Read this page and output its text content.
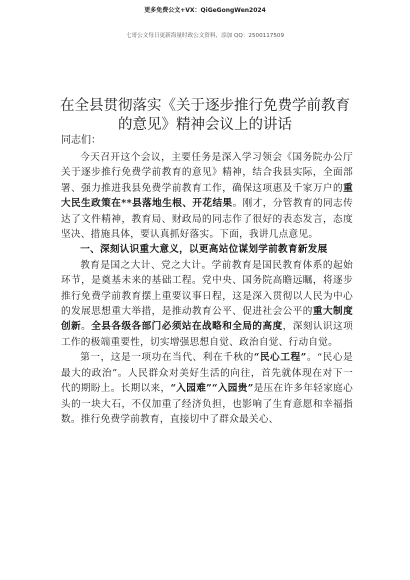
更多免费公文+VX：QiGeGongWen2024
七哥公文每日更新海量时政公文资料，添加 QQ：2500117509
在全县贯彻落实《关于逐步推行免费学前教育
的意见》精神会议上的讲话
同志们：

今天召开这个会议，主要任务是深入学习领会《国务院办公厅关于逐步推行免费学前教育的意见》精神，结合我县实际，全面部署、强力推进我县免费学前教育工作，确保这项惠及千家万户的重大民生政策在**县落地生根、开花结果。刚才，分管教育的同志传达了文件精神，教育局、财政局的同志作了很好的表态发言，态度坚决、措施具体，要认真抓好落实。下面，我讲几点意见。

一、深刻认识重大意义，以更高站位谋划学前教育新发展

教育是国之大计、党之大计。学前教育是国民教育体系的起始环节，是奠基未来的基础工程。党中央、国务院高瞻远瞩，将逐步推行免费学前教育摆上重要议事日程，这是深入贯彻以人民为中心的发展思想重大举措，是推动教育公平、促进社会公平的重大制度创新。全县各级各部门必须站在战略和全局的高度，深刻认识这项工作的极端重要性，切实增强思想自觉、政治自觉、行动自觉。

第一，这是一项功在当代、利在千秋的“民心工程”。“民心是最大的政治”。人民群众对美好生活的向往，首先就体现在对下一代的期盼上。长期以来，“入园难”“入园贵”是压在许多年轻家庭心头的一块大石，不仅加重了经济负担，也影响了生育意愿和幸福指数。推行免费学前教育，直接切中了群众最关心、
